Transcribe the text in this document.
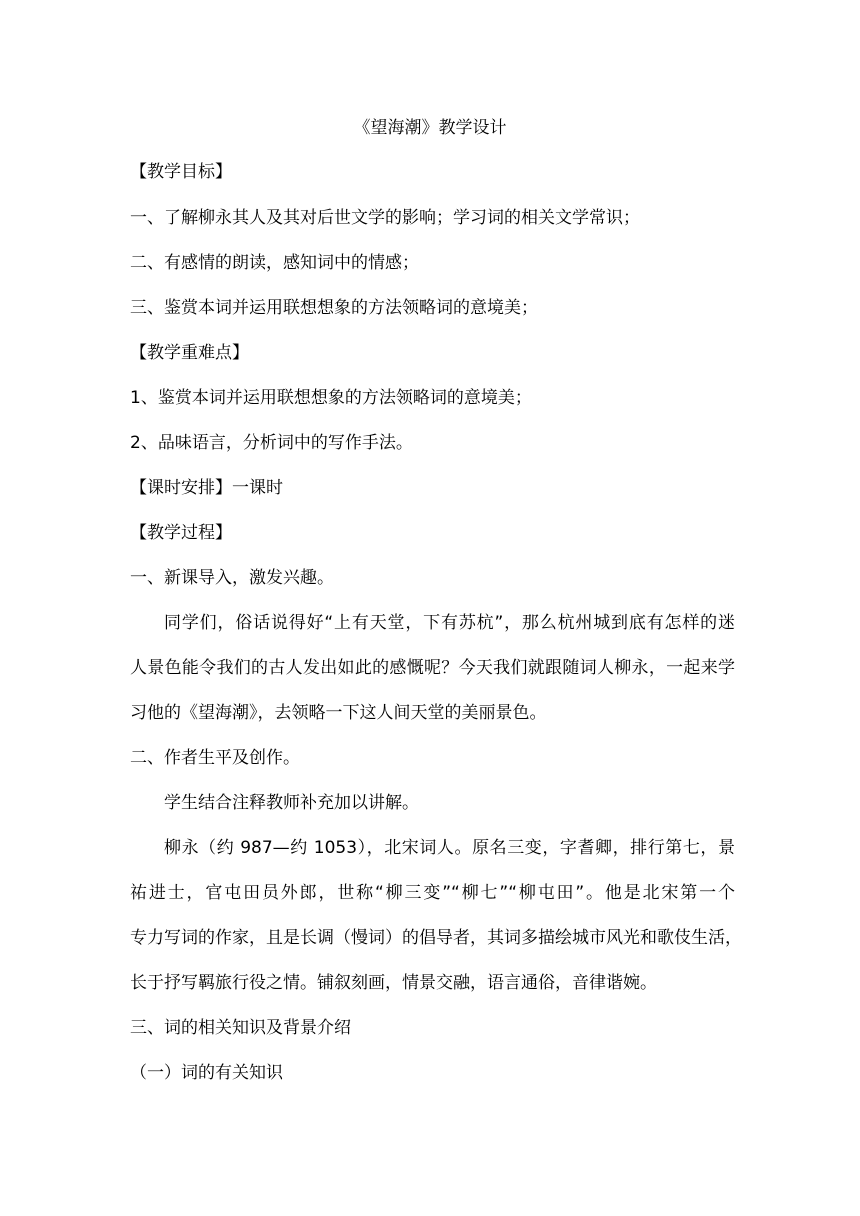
《望海潮》教学设计
【教学目标】
一、了解柳永其人及其对后世文学的影响；学习词的相关文学常识；
二、有感情的朗读，感知词中的情感；
三、鉴赏本词并运用联想想象的方法领略词的意境美；
【教学重难点】
1、鉴赏本词并运用联想想象的方法领略词的意境美；
2、品味语言，分析词中的写作手法。
【课时安排】一课时
【教学过程】
一、新课导入，激发兴趣。
同学们，俗话说得好“上有天堂，下有苏杭”，那么杭州城到底有怎样的迷
人景色能令我们的古人发出如此的感慨呢？今天我们就跟随词人柳永，一起来学
习他的《望海潮》，去领略一下这人间天堂的美丽景色。
二、作者生平及创作。
学生结合注释教师补充加以讲解。
柳永（约 987—约 1053），北宋词人。原名三变，字耆卿，排行第七，景
祐进士，官屯田员外郎，世称“柳三变”“柳七”“柳屯田”。他是北宋第一个
专力写词的作家，且是长调（慢词）的倡导者，其词多描绘城市风光和歌伎生活，
长于抒写羁旅行役之情。铺叙刻画，情景交融，语言通俗，音律谐婉。
三、词的相关知识及背景介绍
（一）词的有关知识
